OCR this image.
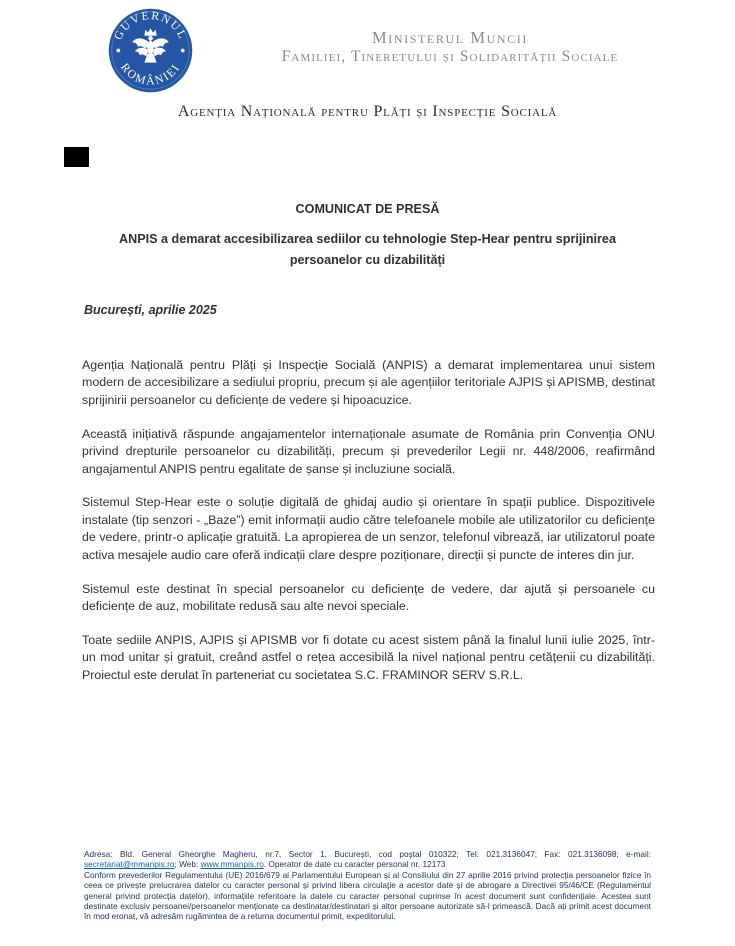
GUVERNUL
ROMÂNIEI
Ministerul Muncii
Familiei, Tineretului și Solidarității Sociale
Agenția Națională pentru Plăți și Inspecție Socială
COMUNICAT DE PRESĂ
ANPIS a demarat accesibilizarea sediilor cu tehnologie Step-Hear pentru sprijinirea
persoanelor cu dizabilități
București, aprilie 2025

Agenția Națională pentru Plăți și Inspecție Socială (ANPIS) a demarat implementarea unui sistem modern de accesibilizare a sediului propriu, precum și ale agențiilor teritoriale AJPIS și APISMB, destinat sprijinirii persoanelor cu deficiențe de vedere și hipoacuzice.

Această inițiativă răspunde angajamentelor internaționale asumate de România prin Convenția ONU privind drepturile persoanelor cu dizabilități, precum și prevederilor Legii nr. 448/2006, reafirmând angajamentul ANPIS pentru egalitate de șanse și incluziune socială.

Sistemul Step-Hear este o soluție digitală de ghidaj audio și orientare în spații publice. Dispozitivele instalate (tip senzori - „Baze”) emit informații audio către telefoanele mobile ale utilizatorilor cu deficiențe de vedere, printr-o aplicație gratuită. La apropierea de un senzor, telefonul vibrează, iar utilizatorul poate activa mesajele audio care oferă indicații clare despre poziționare, direcții și puncte de interes din jur.

Sistemul este destinat în special persoanelor cu deficiențe de vedere, dar ajută și persoanele cu deficiențe de auz, mobilitate redusă sau alte nevoi speciale.

Toate sediile ANPIS, AJPIS și APISMB vor fi dotate cu acest sistem până la finalul lunii iulie 2025, într-un mod unitar și gratuit, creând astfel o rețea accesibilă la nivel național pentru cetățenii cu dizabilități. Proiectul este derulat în parteneriat cu societatea S.C. FRAMINOR SERV S.R.L.

Adresa: Bld. General Gheorghe Magheru, nr.7, Sector 1, București, cod poștal 010322; Tel: 021.3136047; Fax: 021.3136098; e-mail: secretariat@mmanpis.ro; Web: www.mmanpis.ro. Operator de date cu caracter personal nr. 12173

Conform prevederilor Regulamentului (UE) 2016/679 al Parlamentului European și al Consiliului din 27 aprilie 2016 privind protecția persoanelor fizice în ceea ce privește prelucrarea datelor cu caracter personal și privind libera circulație a acestor date și de abrogare a Directivei 95/46/CE (Regulamentul general privind protecția datelor), informațiile referitoare la datele cu caracter personal cuprinse în acest document sunt confidențiale. Acestea sunt destinate exclusiv persoanei/persoanelor menționate ca destinatar/destinatari și altor persoane autorizate să-l primească. Dacă ați primit acest document în mod eronat, vă adresăm rugămintea de a returna documentul primit, expeditorului.
